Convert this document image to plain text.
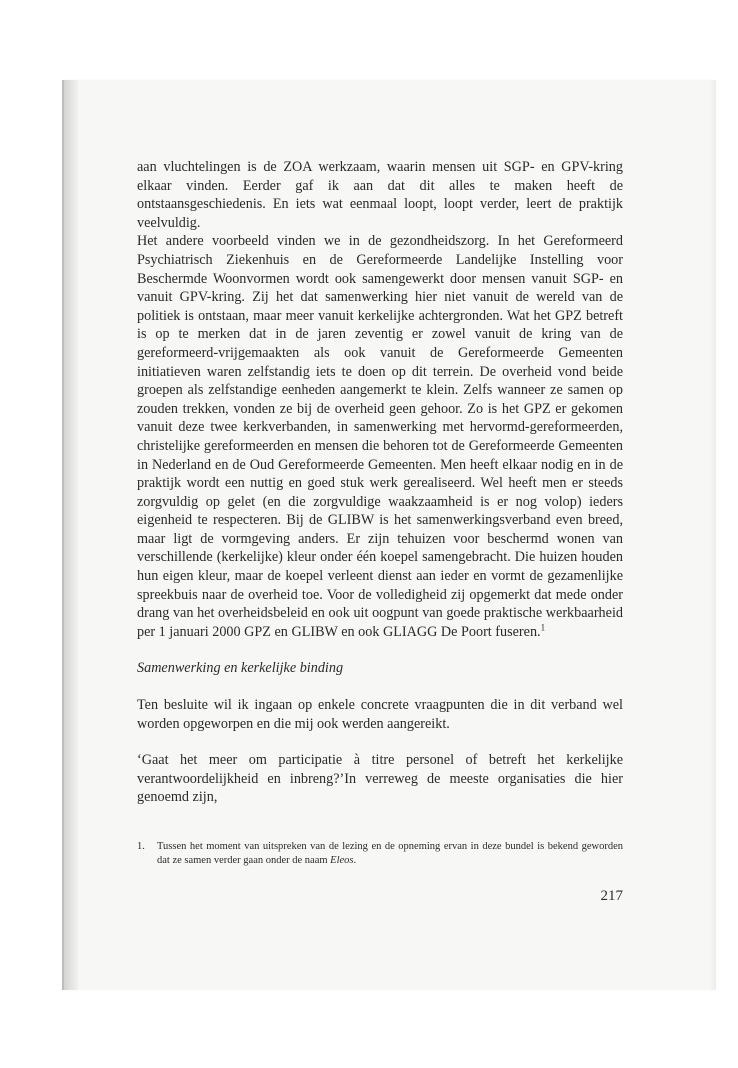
aan vluchtelingen is de ZOA werkzaam, waarin mensen uit SGP- en GPV-kring elkaar vinden. Eerder gaf ik aan dat dit alles te maken heeft de ontstaansgeschiedenis. En iets wat eenmaal loopt, loopt verder, leert de praktijk veelvuldig.

Het andere voorbeeld vinden we in de gezondheidszorg. In het Gereformeerd Psychiatrisch Ziekenhuis en de Gereformeerde Landelijke Instelling voor Beschermde Woonvormen wordt ook samengewerkt door mensen vanuit SGP- en vanuit GPV-kring. Zij het dat samenwerking hier niet vanuit de wereld van de politiek is ontstaan, maar meer vanuit kerkelijke achtergronden. Wat het GPZ betreft is op te merken dat in de jaren zeventig er zowel vanuit de kring van de gereformeerd-vrijgemaakten als ook vanuit de Gereformeerde Gemeenten initiatieven waren zelfstandig iets te doen op dit terrein. De overheid vond beide groepen als zelfstandige eenheden aangemerkt te klein. Zelfs wanneer ze samen op zouden trekken, vonden ze bij de overheid geen gehoor. Zo is het GPZ er gekomen vanuit deze twee kerkverbanden, in samenwerking met hervormd-gereformeerden, christelijke gereformeerden en mensen die behoren tot de Gereformeerde Gemeenten in Nederland en de Oud Gereformeerde Gemeenten. Men heeft elkaar nodig en in de praktijk wordt een nuttig en goed stuk werk gerealiseerd. Wel heeft men er steeds zorgvuldig op gelet (en die zorgvuldige waakzaamheid is er nog volop) ieders eigenheid te respecteren. Bij de GLIBW is het samenwerkingsverband even breed, maar ligt de vormgeving anders. Er zijn tehuizen voor beschermd wonen van verschillende (kerkelijke) kleur onder één koepel samengebracht. Die huizen houden hun eigen kleur, maar de koepel verleent dienst aan ieder en vormt de gezamenlijke spreekbuis naar de overheid toe. Voor de volledigheid zij opgemerkt dat mede onder drang van het overheidsbeleid en ook uit oogpunt van goede praktische werkbaarheid per 1 januari 2000 GPZ en GLIBW en ook GLIAGG De Poort fuseren.$^1$

Samenwerking en kerkelijke binding

Ten besluite wil ik ingaan op enkele concrete vraagpunten die in dit verband wel worden opgeworpen en die mij ook werden aangereikt.

‘Gaat het meer om participatie à titre personel of betreft het kerkelijke verantwoordelijkheid en inbreng?’In verreweg de meeste organisaties die hier genoemd zijn,

1.	Tussen het moment van uitspreken van de lezing en de opneming ervan in deze bundel is bekend geworden dat ze samen verder gaan onder de naam Eleos.
217
